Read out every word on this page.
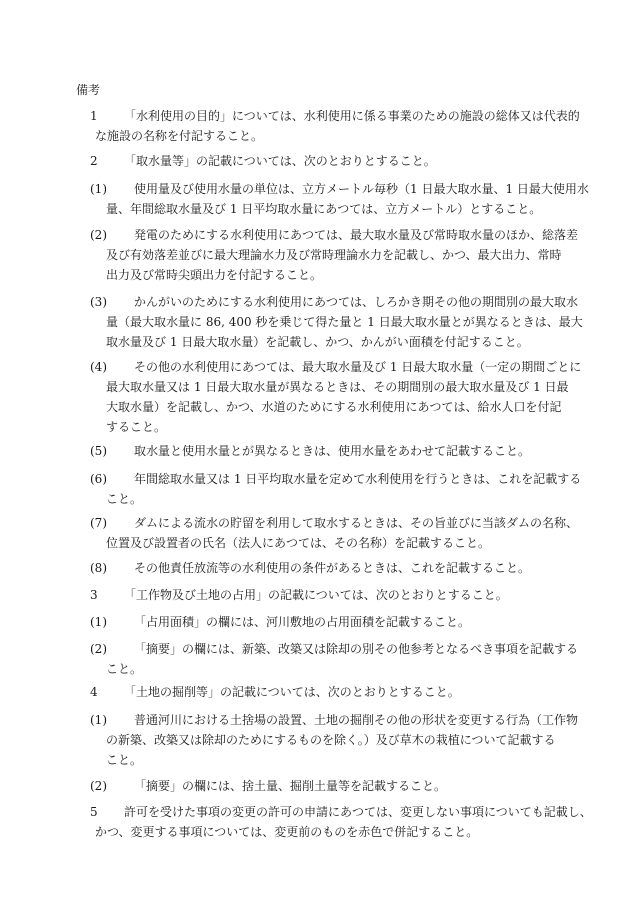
備考
1 「水利使用の目的」については、水利使用に係る事業のための施設の総体又は代表的
な施設の名称を付記すること。
2 「取水量等」の記載については、次のとおりとすること。
(1) 使用量及び使用水量の単位は、立方メートル毎秒（1 日最大取水量、1 日最大使用水
量、年間総取水量及び 1 日平均取水量にあつては、立方メートル）とすること。
(2) 発電のためにする水利使用にあつては、最大取水量及び常時取水量のほか、総落差
及び有効落差並びに最大理論水力及び常時理論水力を記載し、かつ、最大出力、常時
出力及び常時尖頭出力を付記すること。
(3) かんがいのためにする水利使用にあつては、しろかき期その他の期間別の最大取水
量（最大取水量に 86, 400 秒を乗じて得た量と 1 日最大取水量とが異なるときは、最大
取水量及び 1 日最大取水量）を記載し、かつ、かんがい面積を付記すること。
(4) その他の水利使用にあつては、最大取水量及び 1 日最大取水量（一定の期間ごとに
最大取水量又は 1 日最大取水量が異なるときは、その期間別の最大取水量及び 1 日最
大取水量）を記載し、かつ、水道のためにする水利使用にあつては、給水人口を付記
すること。
(5) 取水量と使用水量とが異なるときは、使用水量をあわせて記載すること。
(6) 年間総取水量又は 1 日平均取水量を定めて水利使用を行うときは、これを記載する
こと。
(7) ダムによる流水の貯留を利用して取水するときは、その旨並びに当該ダムの名称、
位置及び設置者の氏名（法人にあつては、その名称）を記載すること。
(8) その他責任放流等の水利使用の条件があるときは、これを記載すること。
3 「工作物及び土地の占用」の記載については、次のとおりとすること。
(1) 「占用面積」の欄には、河川敷地の占用面積を記載すること。
(2) 「摘要」の欄には、新築、改築又は除却の別その他参考となるべき事項を記載する
こと。
4 「土地の掘削等」の記載については、次のとおりとすること。
(1) 普通河川における土捨場の設置、土地の掘削その他の形状を変更する行為（工作物
の新築、改築又は除却のためにするものを除く。）及び草木の栽植について記載する
こと。
(2) 「摘要」の欄には、捨土量、掘削土量等を記載すること。
5 許可を受けた事項の変更の許可の申請にあつては、変更しない事項についても記載し、
かつ、変更する事項については、変更前のものを赤色で併記すること。
